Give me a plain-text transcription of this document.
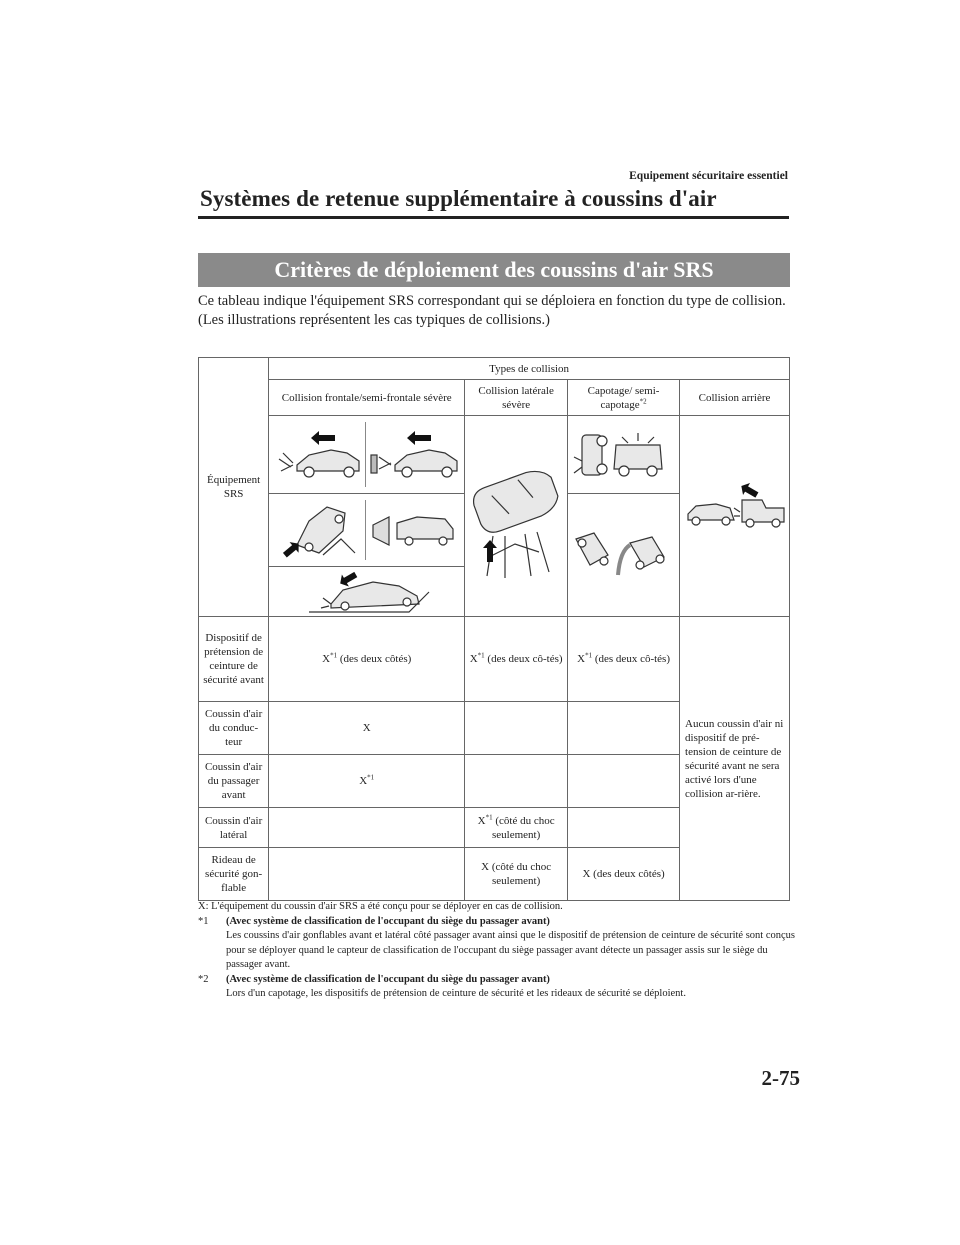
Equipement sécuritaire essentiel
Systèmes de retenue supplémentaire à coussins d'air
Critères de déploiement des coussins d'air SRS

Ce tableau indique l'équipement SRS correspondant qui se déploiera en fonction du type de collision.

(Les illustrations représentent les cas typiques de collisions.)

Équipement SRS	Types de collision			
	Collision frontale/semi-frontale sévère	Collision latérale sévère	Capotage/ semi-capotage$^{*2}$	Collision arrière

Dispositif de prétension de ceinture de sécurité avant	$X^{*1}$ (des deux côtés)	$X^{*1}$ (des deux cô-tés)	$X^{*1}$ (des deux cô-tés)	Aucun coussin d'air ni dispositif de pré-tension de ceinture de sécurité avant ne sera activé lors d'une collision ar-rière.
Coussin d'air du conduc-teur	X			
Coussin d'air du passager avant	$X^{*1}$		
Coussin d'air latéral		$X^{*1}$ (côté du choc seulement)		
Rideau de sécurité gon-flable		X (côté du choc seulement)	X (des deux côtés)	

X: L'équipement du coussin d'air SRS a été conçu pour se déployer en cas de collision.

*1	(Avec système de classification de l'occupant du siège du passager avant)
Les coussins d'air gonflables avant et latéral côté passager avant ainsi que le dispositif de prétension de ceinture de sécurité sont conçus pour se déployer quand le capteur de classification de l'occupant du siège passager avant détecte un passager assis sur le siège du passager avant.
*2	(Avec système de classification de l'occupant du siège du passager avant)
Lors d'un capotage, les dispositifs de prétension de ceinture de sécurité et les rideaux de sécurité se déploient.
2-75
